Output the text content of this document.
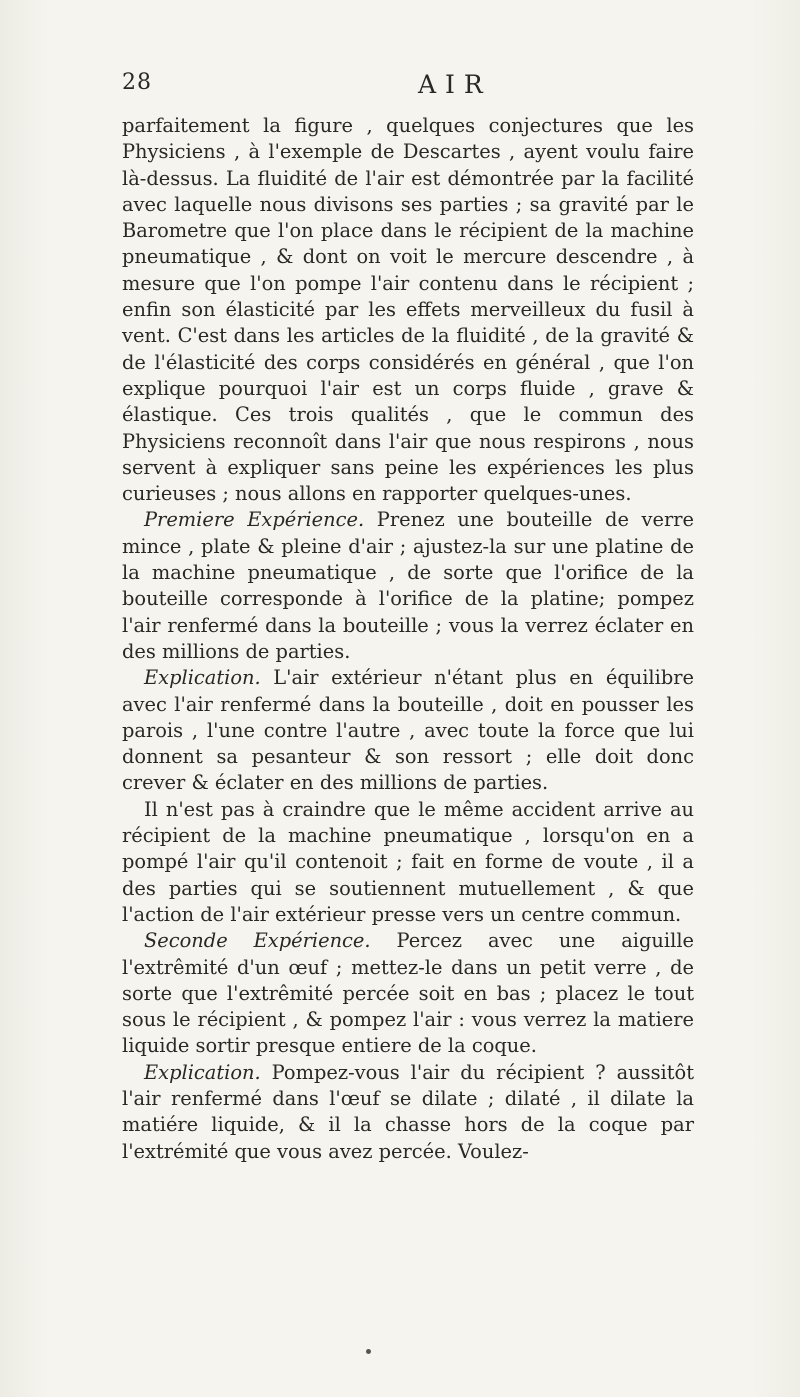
28	AIR

parfaitement la figure , quelques conjectures que les Physiciens , à l'exemple de Descartes , ayent voulu faire là-dessus. La fluidité de l'air est démontrée par la facilité avec laquelle nous divisons ses parties ; sa gravité par le Barometre que l'on place dans le récipient de la machine pneumatique , & dont on voit le mercure descendre , à mesure que l'on pompe l'air contenu dans le récipient ; enfin son élasticité par les effets merveilleux du fusil à vent. C'est dans les articles de la fluidité , de la gravité & de l'élasticité des corps considérés en général , que l'on explique pourquoi l'air est un corps fluide , grave & élastique. Ces trois qualités , que le commun des Physiciens reconnoît dans l'air que nous respirons , nous servent à expliquer sans peine les expériences les plus curieuses ; nous allons en rapporter quelques-unes.

Premiere Expérience. Prenez une bouteille de verre mince , plate & pleine d'air ; ajustez-la sur une platine de la machine pneumatique , de sorte que l'orifice de la bouteille corresponde à l'orifice de la platine; pompez l'air renfermé dans la bouteille ; vous la verrez éclater en des millions de parties.

Explication. L'air extérieur n'étant plus en équilibre avec l'air renfermé dans la bouteille , doit en pousser les parois , l'une contre l'autre , avec toute la force que lui donnent sa pesanteur & son ressort ; elle doit donc crever & éclater en des millions de parties.

Il n'est pas à craindre que le même accident arrive au récipient de la machine pneumatique , lorsqu'on en a pompé l'air qu'il contenoit ; fait en forme de voute , il a des parties qui se soutiennent mutuellement , & que l'action de l'air extérieur presse vers un centre commun.

Seconde Expérience. Percez avec une aiguille l'extrêmité d'un œuf ; mettez-le dans un petit verre , de sorte que l'extrêmité percée soit en bas ; placez le tout sous le récipient , & pompez l'air : vous verrez la matiere liquide sortir presque entiere de la coque.

Explication. Pompez-vous l'air du récipient ? aussitôt l'air renfermé dans l'œuf se dilate ; dilaté , il dilate la matiére liquide, & il la chasse hors de la coque par l'extrémité que vous avez percée. Voulez-
